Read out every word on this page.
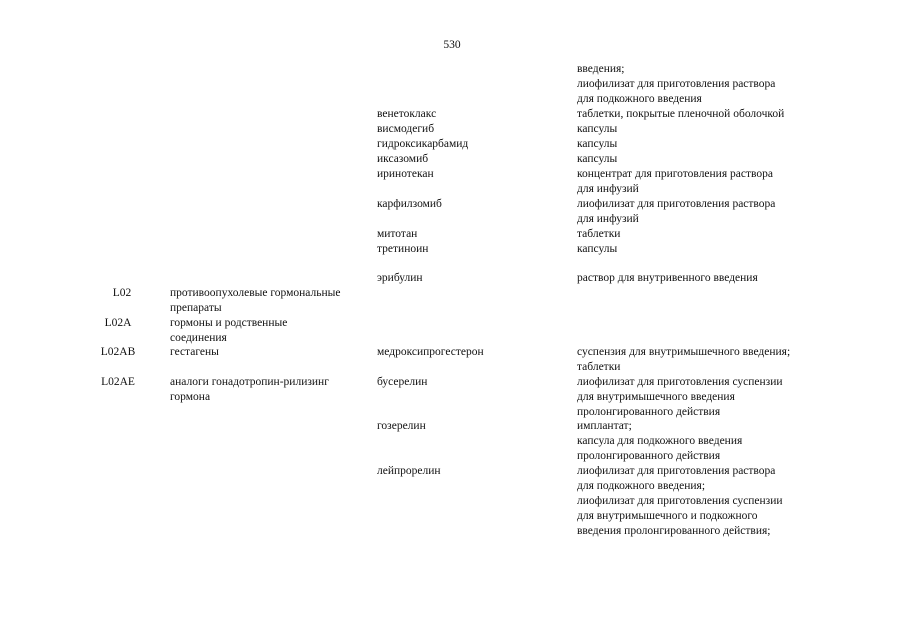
530
введения;
лиофилизат для приготовления раствора
для подкожного введения
венетоклакс	таблетки, покрытые пленочной оболочкой
висмодегиб	капсулы
гидроксикарбамид	капсулы
иксазомиб	капсулы
иринотекан	концентрат для приготовления раствора
для инфузий
карфилзомиб	лиофилизат для приготовления раствора
для инфузий
митотан	таблетки
третиноин	капсулы
эрибулин	раствор для внутривенного введения
L02	противоопухолевые гормональные
препараты
L02A	гормоны и родственные
соединения
L02AB	гестагены	медроксипрогестерон	суспензия для внутримышечного введения;
таблетки
L02AE	аналоги гонадотропин-рилизинг
гормона
бусерелин	лиофилизат для приготовления суспензии
для внутримышечного введения
пролонгированного действия
гозерелин	имплантат;
капсула для подкожного введения
пролонгированного действия
лейпрорелин	лиофилизат для приготовления раствора
для подкожного введения;
лиофилизат для приготовления суспензии
для внутримышечного и подкожного
введения пролонгированного действия;
